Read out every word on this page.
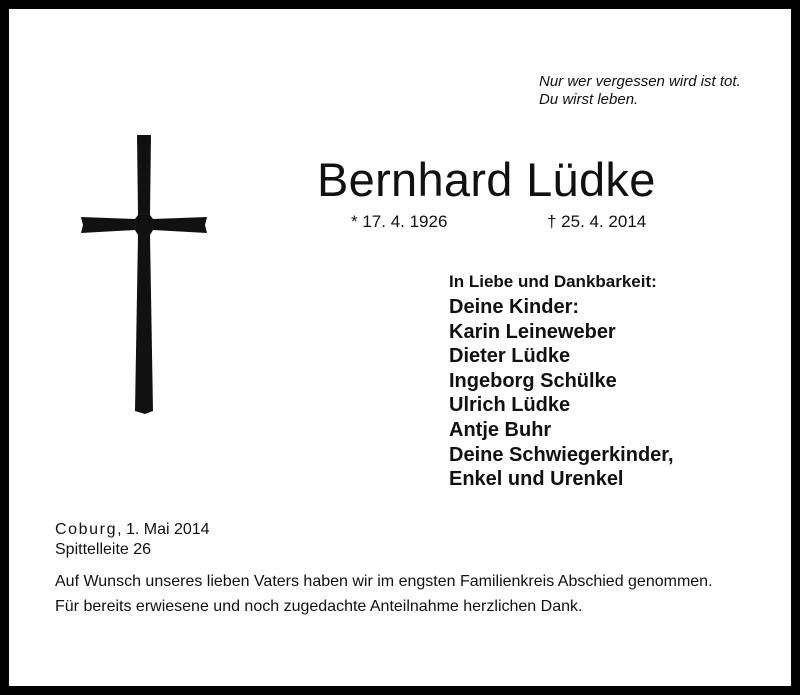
Nur wer vergessen wird ist tot.
Du wirst leben.
Bernhard Lüdke
* 17. 4. 1926	† 25. 4. 2014
In Liebe und Dankbarkeit:
Deine Kinder:
Karin Leineweber
Dieter Lüdke
Ingeborg Schülke
Ulrich Lüdke
Antje Buhr
Deine Schwiegerkinder,
Enkel und Urenkel
Coburg, 1. Mai 2014
Spittelleite 26

Auf Wunsch unseres lieben Vaters haben wir im engsten Familienkreis Abschied genommen.

Für bereits erwiesene und noch zugedachte Anteilnahme herzlichen Dank.
